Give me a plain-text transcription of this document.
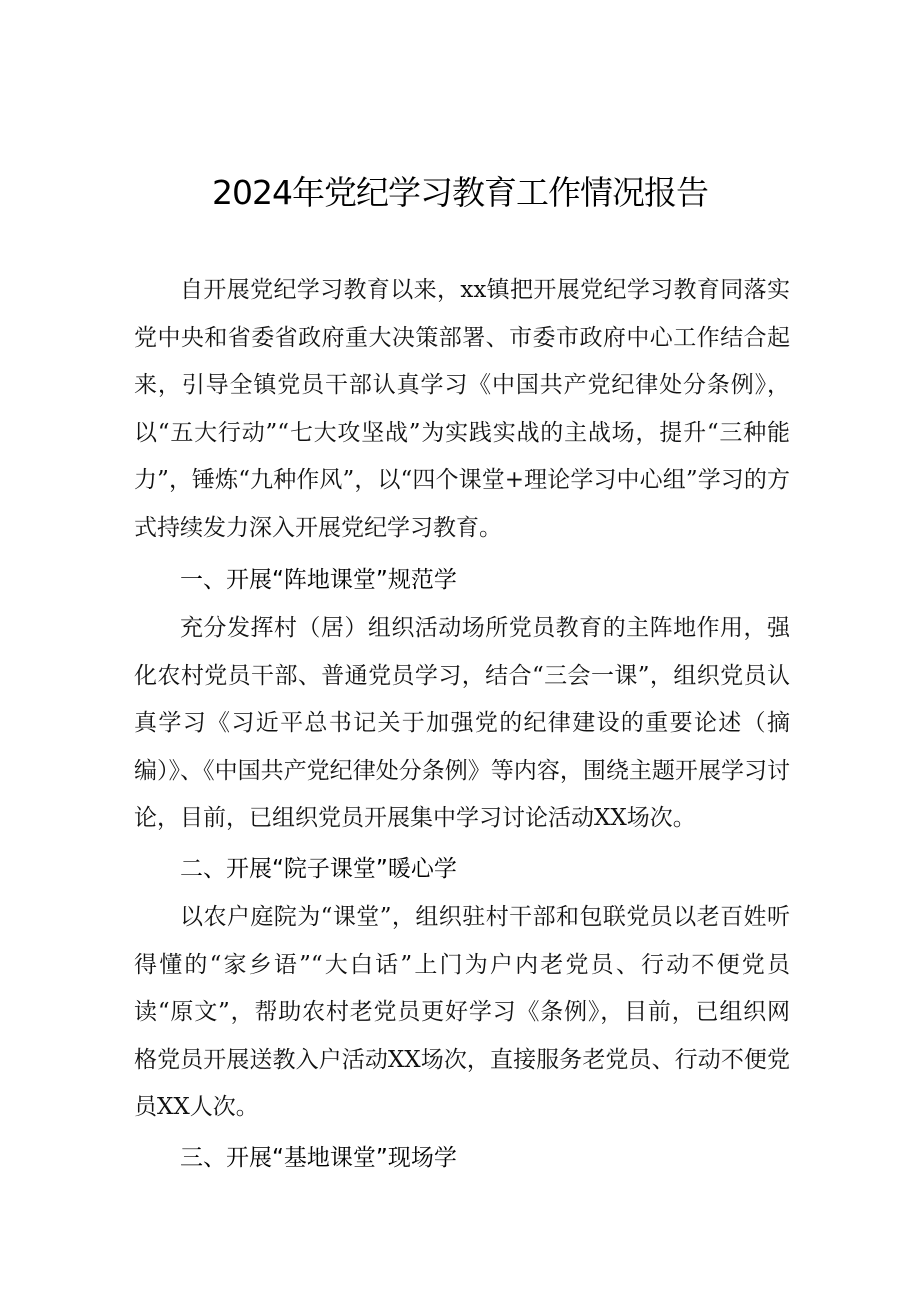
2024年党纪学习教育工作情况报告

自开展党纪学习教育以来，xx镇把开展党纪学习教育同落实党中央和省委省政府重大决策部署、市委市政府中心工作结合起来，引导全镇党员干部认真学习《中国共产党纪律处分条例》，以“五大行动”“七大攻坚战”为实践实战的主战场，提升“三种能力”，锤炼“九种作风”，以“四个课堂+理论学习中心组”学习的方式持续发力深入开展党纪学习教育。

一、开展“阵地课堂”规范学

充分发挥村（居）组织活动场所党员教育的主阵地作用，强化农村党员干部、普通党员学习，结合“三会一课”，组织党员认真学习《习近平总书记关于加强党的纪律建设的重要论述（摘编）》、《中国共产党纪律处分条例》等内容，围绕主题开展学习讨论，目前，已组织党员开展集中学习讨论活动XX场次。

二、开展“院子课堂”暖心学

以农户庭院为“课堂”，组织驻村干部和包联党员以老百姓听得懂的“家乡语”“大白话”上门为户内老党员、行动不便党员读“原文”，帮助农村老党员更好学习《条例》，目前，已组织网格党员开展送教入户活动XX场次，直接服务老党员、行动不便党员XX人次。

三、开展“基地课堂”现场学
